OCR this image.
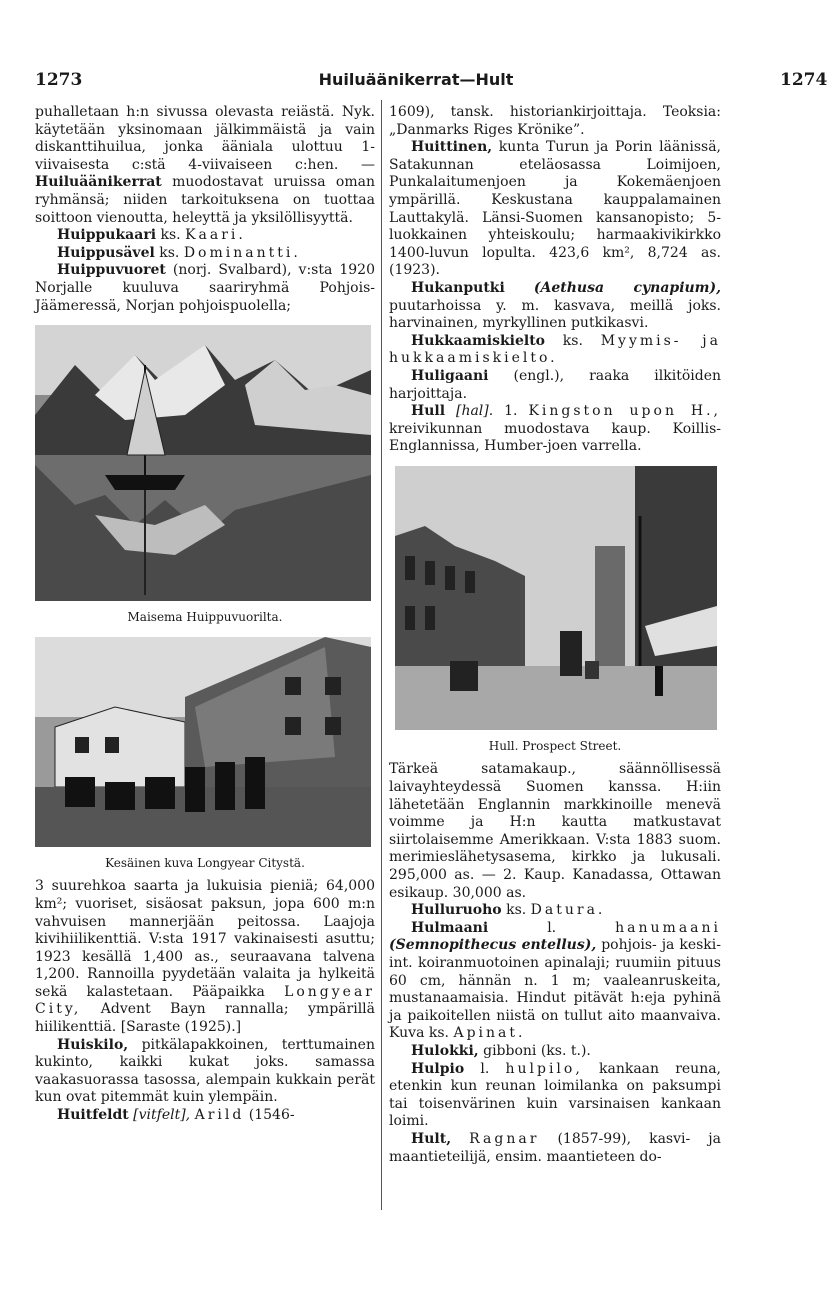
1273	Huiluäänikerrat—Hult	1274

puhalletaan h:n sivussa olevasta reiästä. Nyk. käytetään yksinomaan jälkimmäistä ja vain diskanttihuilua, jonka ääniala ulottuu 1-viivaisesta c:stä 4-viivaiseen c:hen. — Huiluäänikerrat muodostavat uruissa oman ryhmänsä; niiden tarkoituksena on tuottaa soittoon vienoutta, heleyttä ja yksilöllisyyttä.

Huippukaari ks. Kaari.

Huippusävel ks. Dominantti.

Huippuvuoret (norj. Svalbard), v:sta 1920 Norjalle kuuluva saariryhmä Pohjois-Jäämeressä, Norjan pohjoispuolella;

Maisema Huippuvuorilta.
Kesäinen kuva Longyear Citystä.

3 suurehkoa saarta ja lukuisia pieniä; 64,000 km²; vuoriset, sisäosat paksun, jopa 600 m:n vahvuisen mannerjään peitossa. Laajoja kivihiilikenttiä. V:sta 1917 vakinaisesti asuttu; 1923 kesällä 1,400 as., seuraavana talvena 1,200. Rannoilla pyydetään valaita ja hylkeitä sekä kalastetaan. Pääpaikka Longyear City, Advent Bayn rannalla; ympärillä hiilikenttiä. [Saraste (1925).]

Huiskilo, pitkälapakkoinen, terttumainen kukinto, kaikki kukat joks. samassa vaakasuorassa tasossa, alempain kukkain perät kun ovat pitemmät kuin ylempäin.

Huitfeldt [vitfelt], Arild (1546-

1609), tansk. historiankirjoittaja. Teoksia: „Danmarks Riges Krönike”.

Huittinen, kunta Turun ja Porin läänissä, Satakunnan eteläosassa Loimijoen, Punkalaitumenjoen ja Kokemäenjoen ympärillä. Keskustana kauppalamainen Lauttakylä. Länsi-Suomen kansanopisto; 5-luokkainen yhteiskoulu; harmaakivikirkko 1400-luvun lopulta. 423,6 km², 8,724 as. (1923).

Hukanputki (Aethusa cynapium), puutarhoissa y. m. kasvava, meillä joks. harvinainen, myrkyllinen putkikasvi.

Hukkaamiskielto ks. Myymis- ja hukkaamiskielto.

Huligaani (engl.), raaka ilkitöiden harjoittaja.

Hull [hal]. 1. Kingston upon H., kreivikunnan muodostava kaup. Koillis-Englannissa, Humber-joen varrella.

Hull. Prospect Street.

Tärkeä satamakaup., säännöllisessä laivayhteydessä Suomen kanssa. H:iin lähetetään Englannin markkinoille menevä voimme ja H:n kautta matkustavat siirtolaisemme Amerikkaan. V:sta 1883 suom. merimieslähetysasema, kirkko ja lukusali. 295,000 as. — 2. Kaup. Kanadassa, Ottawan esikaup. 30,000 as.

Hulluruoho ks. Datura.

Hulmaani	l.	hanumaani (Semnopithecus entellus), pohjois- ja keski-int. koiranmuotoinen apinalaji; ruumiin pituus 60 cm, hännän n. 1 m; vaaleanruskeita, mustanaamaisia. Hindut pitävät h:eja pyhinä ja paikoitellen niistä on tullut aito maanvaiva. Kuva ks. Apinat.

Hulokki, gibboni (ks. t.).

Hulpio l. hulpilo, kankaan reuna, etenkin kun reunan loimilanka on paksumpi tai toisenvärinen kuin varsinaisen kankaan loimi.

Hult, Ragnar (1857-99), kasvi- ja maantieteilijä, ensim. maantieteen do-
